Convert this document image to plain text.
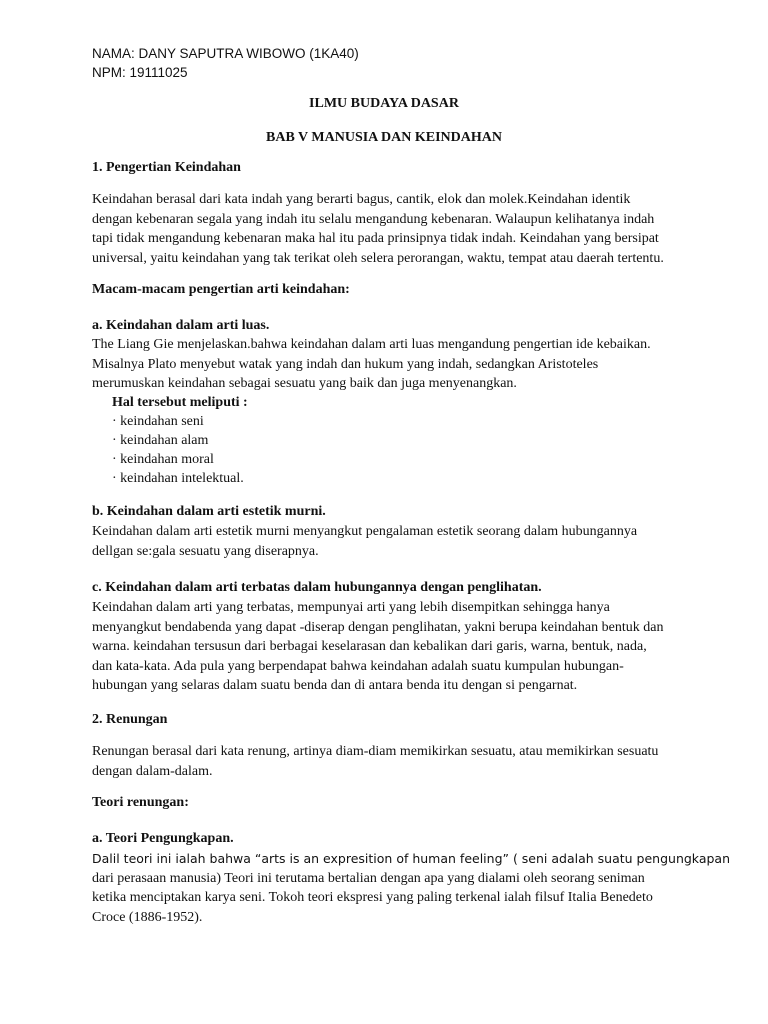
NAMA: DANY SAPUTRA WIBOWO (1KA40)
NPM: 19111025
ILMU BUDAYA DASAR
BAB V MANUSIA DAN KEINDAHAN
1. Pengertian Keindahan
Keindahan berasal dari kata indah yang berarti bagus, cantik, elok dan molek.Keindahan identik
dengan kebenaran segala yang indah itu selalu mengandung kebenaran. Walaupun kelihatanya indah
tapi tidak mengandung kebenaran maka hal itu pada prinsipnya tidak indah. Keindahan yang bersipat
universal, yaitu keindahan yang tak terikat oleh selera perorangan, waktu, tempat atau daerah tertentu.
Macam-macam pengertian arti keindahan:
a. Keindahan dalam arti luas.
The Liang Gie menjelaskan.bahwa keindahan dalam arti luas mengandung pengertian ide kebaikan.
Misalnya Plato menyebut watak yang indah dan hukum yang indah, sedangkan Aristoteles
merumuskan keindahan sebagai sesuatu yang baik dan juga menyenangkan.
Hal tersebut meliputi :
· keindahan seni
· keindahan alam
· keindahan moral
· keindahan intelektual.
b. Keindahan dalam arti estetik murni.
Keindahan dalam arti estetik murni menyangkut pengalaman estetik seorang dalam hubungannya
dellgan se:gala sesuatu yang diserapnya.
c. Keindahan dalam arti terbatas dalam hubungannya dengan penglihatan.
Keindahan dalam arti yang terbatas, mempunyai arti yang lebih disempitkan sehingga hanya
menyangkut bendabenda yang dapat -diserap dengan penglihatan, yakni berupa keindahan bentuk dan
warna. keindahan tersusun dari berbagai keselarasan dan kebalikan dari garis, warna, bentuk, nada,
dan kata-kata. Ada pula yang berpendapat bahwa keindahan adalah suatu kumpulan hubungan-
hubungan yang selaras dalam suatu benda dan di antara benda itu dengan si pengarnat.
2. Renungan
Renungan berasal dari kata renung, artinya diam-diam memikirkan sesuatu, atau memikirkan sesuatu
dengan dalam-dalam.
Teori renungan:
a. Teori Pengungkapan.
Dalil teori ini ialah bahwa “arts is an expresition of human feeling” ( seni adalah suatu pengungkapan
dari perasaan manusia) Teori ini terutama bertalian dengan apa yang dialami oleh seorang seniman
ketika menciptakan karya seni. Tokoh teori ekspresi yang paling terkenal ialah filsuf Italia Benedeto
Croce (1886-1952).
